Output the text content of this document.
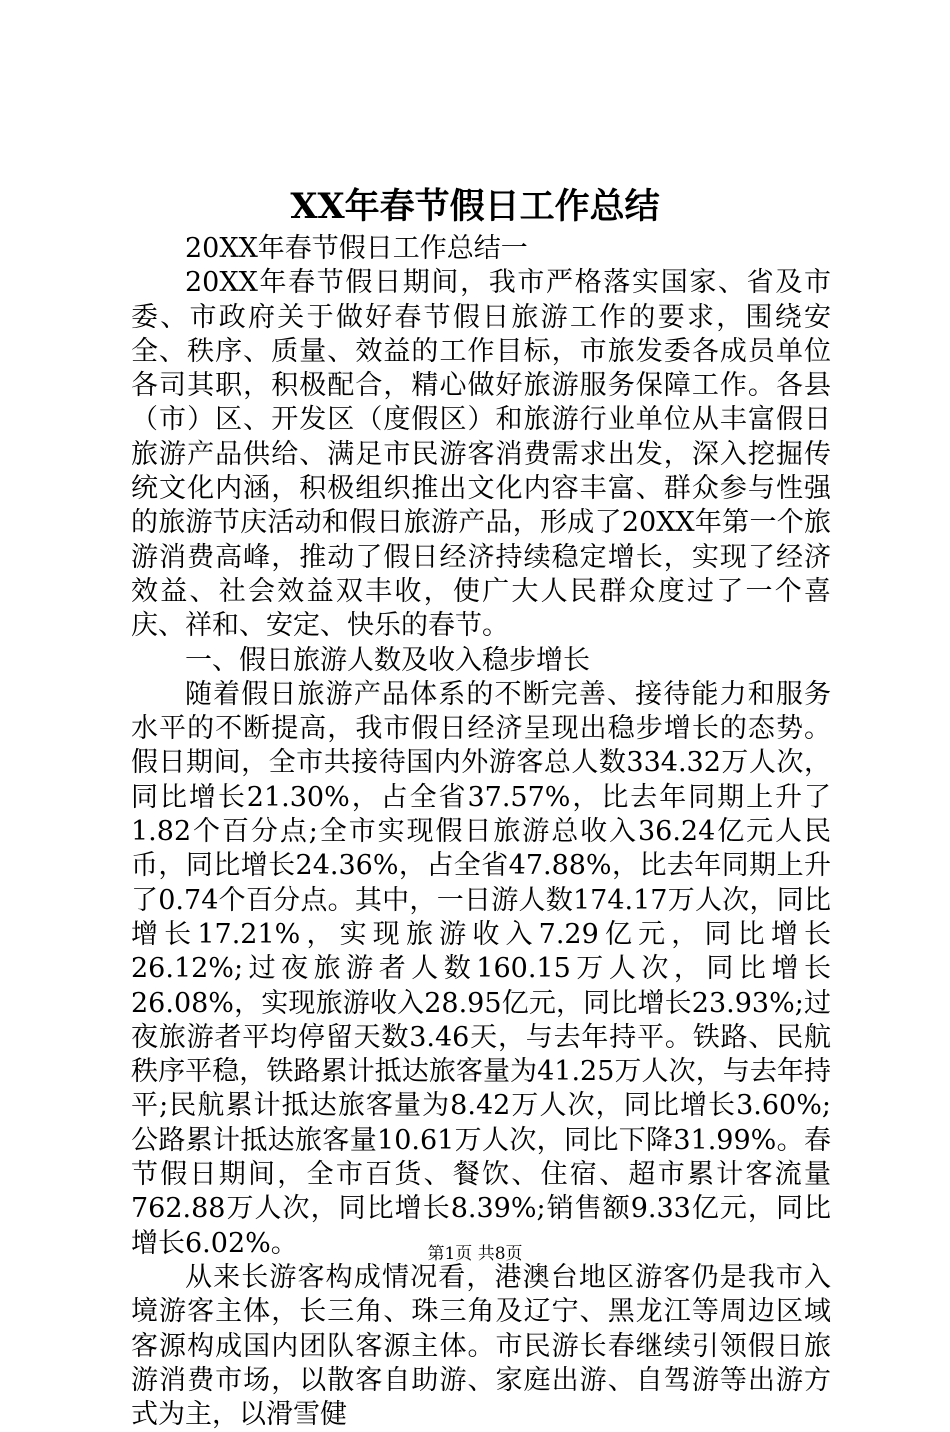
XX年春节假日工作总结

20XX年春节假日工作总结一

20XX年春节假日期间，我市严格落实国家、省及市委、市政府关于做好春节假日旅游工作的要求，围绕安全、秩序、质量、效益的工作目标，市旅发委各成员单位各司其职，积极配合，精心做好旅游服务保障工作。各县（市）区、开发区（度假区）和旅游行业单位从丰富假日旅游产品供给、满足市民游客消费需求出发，深入挖掘传统文化内涵，积极组织推出文化内容丰富、群众参与性强的旅游节庆活动和假日旅游产品，形成了20XX年第一个旅游消费高峰，推动了假日经济持续稳定增长，实现了经济效益、社会效益双丰收，使广大人民群众度过了一个喜庆、祥和、安定、快乐的春节。

一、假日旅游人数及收入稳步增长

随着假日旅游产品体系的不断完善、接待能力和服务水平的不断提高，我市假日经济呈现出稳步增长的态势。假日期间，全市共接待国内外游客总人数334.32万人次，同比增长21.30%，占全省37.57%，比去年同期上升了1.82个百分点;全市实现假日旅游总收入36.24亿元人民币，同比增长24.36%，占全省47.88%，比去年同期上升了0.74个百分点。其中，一日游人数174.17万人次，同比增长17.21%，实现旅游收入7.29亿元，同比增长26.12%;过夜旅游者人数160.15万人次，同比增长26.08%，实现旅游收入28.95亿元，同比增长23.93%;过夜旅游者平均停留天数3.46天，与去年持平。铁路、民航秩序平稳，铁路累计抵达旅客量为41.25万人次，与去年持平;民航累计抵达旅客量为8.42万人次，同比增长3.60%;公路累计抵达旅客量10.61万人次，同比下降31.99%。春节假日期间，全市百货、餐饮、住宿、超市累计客流量762.88万人次，同比增长8.39%;销售额9.33亿元，同比增长6.02%。

从来长游客构成情况看，港澳台地区游客仍是我市入境游客主体，长三角、珠三角及辽宁、黑龙江等周边区域客源构成国内团队客源主体。市民游长春继续引领假日旅游消费市场，以散客自助游、家庭出游、自驾游等出游方式为主，以滑雪健

第1页 共8页
